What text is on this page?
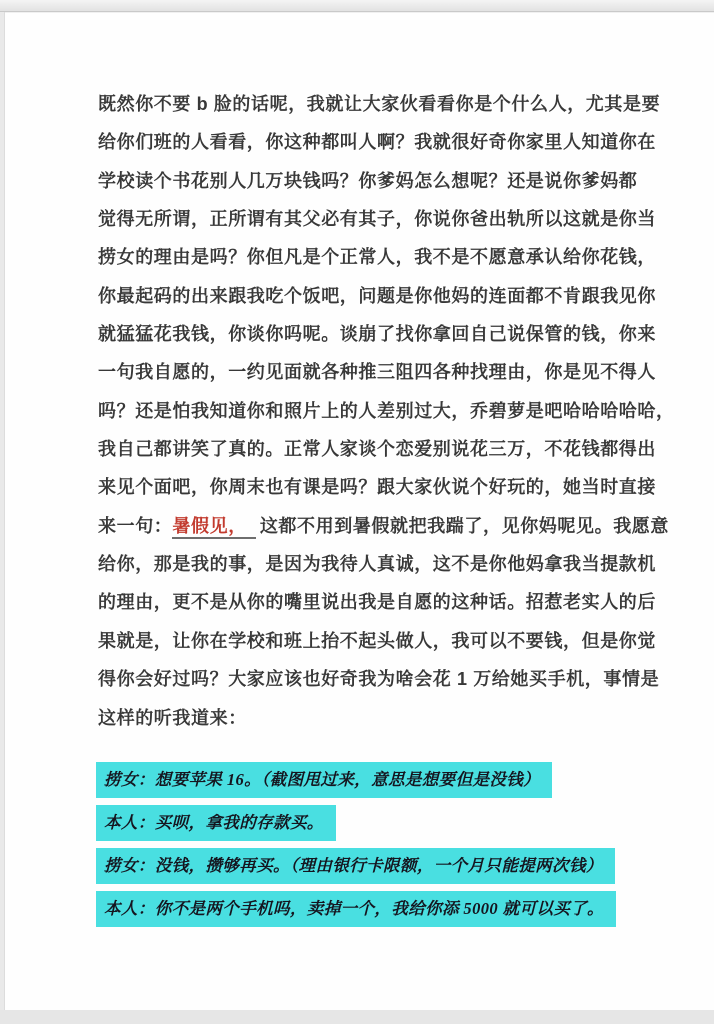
既然你不要 b 脸的话呢，我就让大家伙看看你是个什么人，尤其是要
给你们班的人看看，你这种都叫人啊？我就很好奇你家里人知道你在
学校读个书花别人几万块钱吗？你爹妈怎么想呢？还是说你爹妈都
觉得无所谓，正所谓有其父必有其子，你说你爸出轨所以这就是你当
捞女的理由是吗？你但凡是个正常人，我不是不愿意承认给你花钱，
你最起码的出来跟我吃个饭吧，问题是你他妈的连面都不肯跟我见你
就猛猛花我钱，你谈你吗呢。谈崩了找你拿回自己说保管的钱，你来
一句我自愿的，一约见面就各种推三阻四各种找理由，你是见不得人
吗？还是怕我知道你和照片上的人差别过大，乔碧萝是吧哈哈哈哈哈，
我自己都讲笑了真的。正常人家谈个恋爱别说花三万，不花钱都得出
来见个面吧，你周末也有课是吗？跟大家伙说个好玩的，她当时直接
来一句：暑假见， 这都不用到暑假就把我踹了，见你妈呢见。我愿意
给你，那是我的事，是因为我待人真诚，这不是你他妈拿我当提款机
的理由，更不是从你的嘴里说出我是自愿的这种话。招惹老实人的后
果就是，让你在学校和班上抬不起头做人，我可以不要钱，但是你觉
得你会好过吗？大家应该也好奇我为啥会花 1 万给她买手机，事情是
这样的听我道来：
捞女：想要苹果 16。（截图甩过来，意思是想要但是没钱）
本人：买呗，拿我的存款买。
捞女：没钱，攒够再买。（理由银行卡限额，一个月只能提两次钱）
本人：你不是两个手机吗，卖掉一个，我给你添 5000 就可以买了。
